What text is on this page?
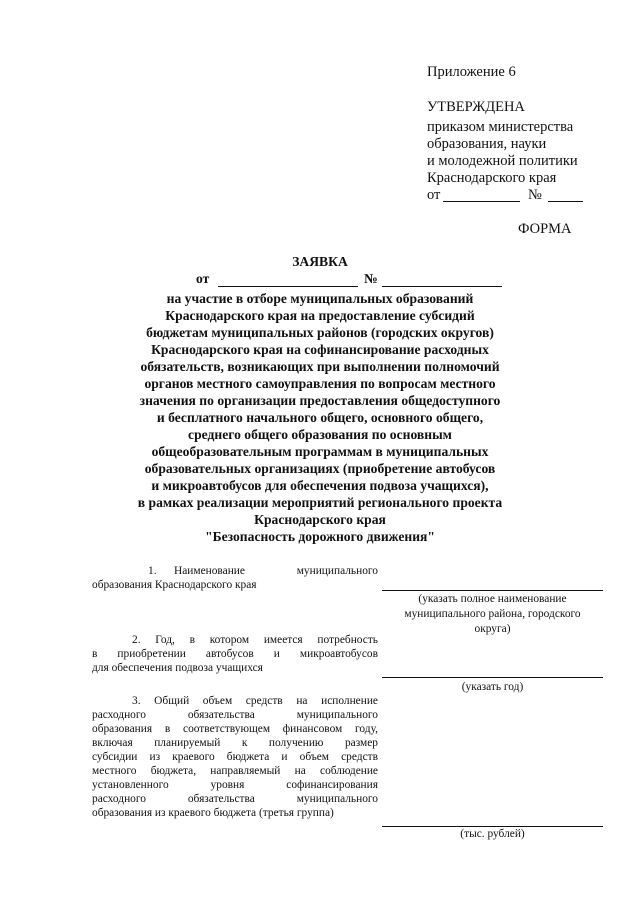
Приложение 6
УТВЕРЖДЕНА
приказом министерства
образования, науки
и молодежной политики
Краснодарского края
от	№
ФОРМА
ЗАЯВКА
от	№
на участие в отборе муниципальных образований
Краснодарского края на предоставление субсидий
бюджетам муниципальных районов (городских округов)
Краснодарского края на софинансирование расходных
обязательств, возникающих при выполнении полномочий
органов местного самоуправления по вопросам местного
значения по организации предоставления общедоступного
и бесплатного начального общего, основного общего,
среднего общего образования по основным
общеобразовательным программам в муниципальных
образовательных организациях (приобретение автобусов
и микроавтобусов для обеспечения подвоза учащихся),
в рамках реализации мероприятий регионального проекта
Краснодарского края
"Безопасность дорожного движения"
1. Наименование муниципального
образования Краснодарского края
(указать полное наименование
муниципального района, городского
округа)
2. Год, в котором имеется потребность
в приобретении автобусов и микроавтобусов
для обеспечения подвоза учащихся
(указать год)
3. Общий объем средств на исполнение
расходного обязательства муниципального
образования в соответствующем финансовом году,
включая планируемый к получению размер
субсидии из краевого бюджета и объем средств
местного бюджета, направляемый на соблюдение
установленного уровня софинансирования
расходного обязательства муниципального
образования из краевого бюджета (третья группа)
(тыс. рублей)
